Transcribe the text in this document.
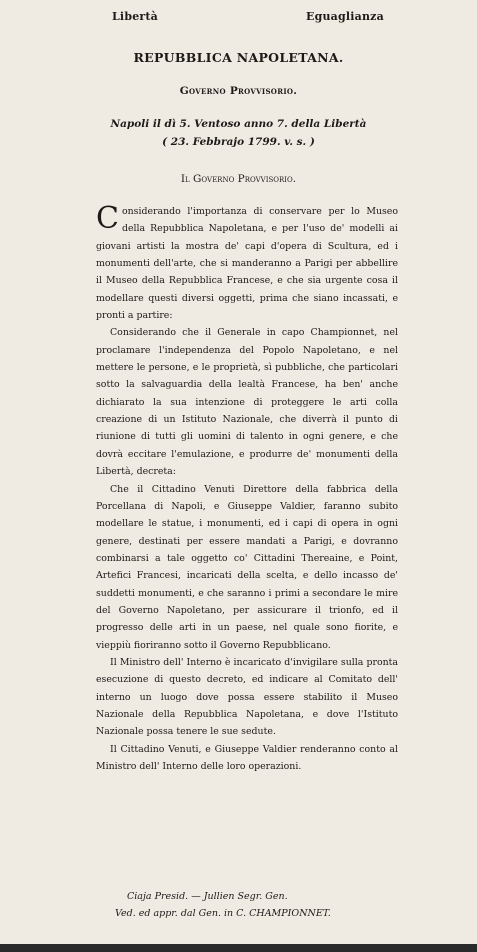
Libertà	Eguaglianza
REPUBBLICA NAPOLETANA.
Governo Provvisorio.
Napoli il dì 5. Ventoso anno 7. della Libertà
( 23. Febbrajo 1799. v. s. )
Il Governo Provvisorio.

Considerando l'importanza di conservare per lo Museo della Repubblica Napoletana, e per l'uso de' modelli ai giovani artisti la mostra de' capi d'opera di Scultura, ed i monumenti dell'arte, che si manderanno a Parigi per abbellire il Museo della Repubblica Francese, e che sia urgente cosa il modellare questi diversi oggetti, prima che siano incassati, e pronti a partire:

Considerando che il Generale in capo Championnet, nel proclamare l'independenza del Popolo Napoletano, e nel mettere le persone, e le proprietà, sì pubbliche, che particolari sotto la salvaguardia della lealtà Francese, ha ben' anche dichiarato la sua intenzione di proteggere le arti colla creazione di un Istituto Nazionale, che diverrà il punto di riunione di tutti gli uomini di talento in ogni genere, e che dovrà eccitare l'emulazione, e produrre de' monumenti della Libertà, decreta:

Che il Cittadino Venuti Direttore della fabbrica della Porcellana di Napoli, e Giuseppe Valdier, faranno subito modellare le statue, i monumenti, ed i capi di opera in ogni genere, destinati per essere mandati a Parigi, e dovranno combinarsi a tale oggetto co' Cittadini Thereaine, e Point, Artefici Francesi, incaricati della scelta, e dello incasso de' suddetti monumenti, e che saranno i primi a secondare le mire del Governo Napoletano, per assicurare il trionfo, ed il progresso delle arti in un paese, nel quale sono fiorite, e vieppiù fioriranno sotto il Governo Repubblicano.

Il Ministro dell' Interno è incaricato d'invigilare sulla pronta esecuzione di questo decreto, ed indicare al Comitato dell' interno un luogo dove possa essere stabilito il Museo Nazionale della Repubblica Napoletana, e dove l'Istituto Nazionale possa tenere le sue sedute.

Il Cittadino Venuti, e Giuseppe Valdier renderanno conto al Ministro dell' Interno delle loro operazioni.

Ciaja Presid. — Jullien Segr. Gen.
Ved. ed appr. dal Gen. in C. CHAMPIONNET.
